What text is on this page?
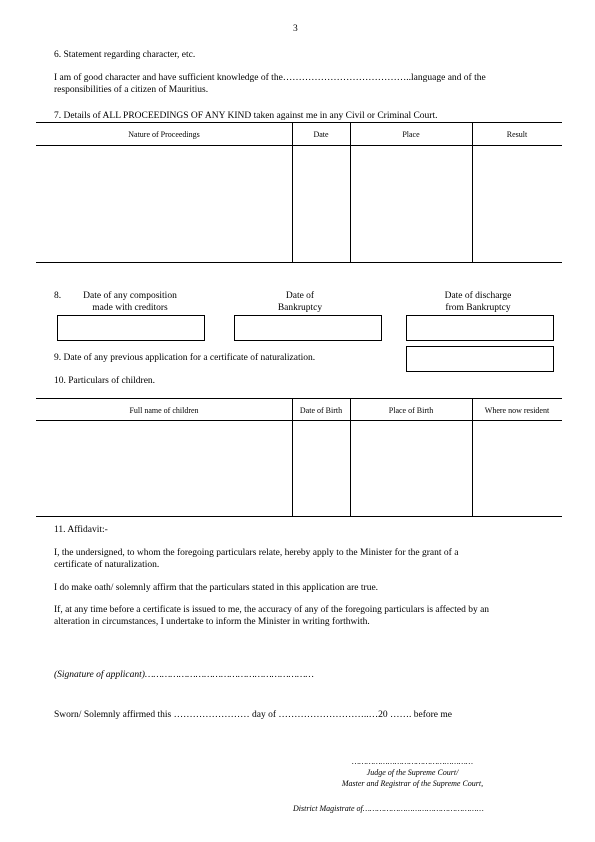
3
6. Statement regarding character, etc.
I am of good character and have sufficient knowledge of the…………………………………..language and of the
responsibilities of a citizen of Mauritius.
7. Details of ALL PROCEEDINGS OF ANY KIND taken against me in any Civil or Criminal Court.
Nature of Proceedings	Date	Place	Result
8.	Date of any composition
made with creditors
Date of
Bankruptcy
Date of discharge
from Bankruptcy
9. Date of any previous application for a certificate of naturalization.
10. Particulars of children.
Full name of children	Date of Birth	Place of Birth	Where now resident
11. Affidavit:-
I, the undersigned, to whom the foregoing particulars relate, hereby apply to the Minister for the grant of a
certificate of naturalization.
I do make oath/ solemnly affirm that the particulars stated in this application are true.
If, at any time before a certificate is issued to me, the accuracy of any of the foregoing particulars is affected by an
alteration in circumstances, I undertake to inform the Minister in writing forthwith.
(Signature of applicant)……………………………………………………
Sworn/ Solemnly affirmed this …………………… day of ………………………..…20 ……. before me
……………………………………………
Judge of the Supreme Court/
Master and Registrar of the Supreme Court,
District Magistrate of……………………………………………
